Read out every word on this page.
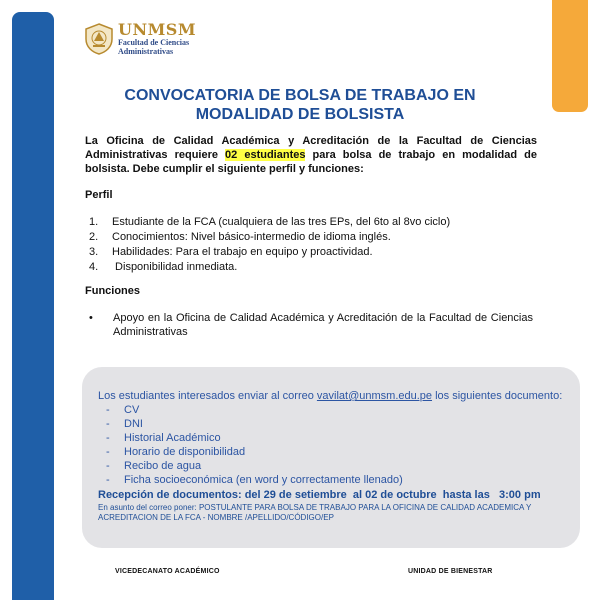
UNMSM
Facultad de Ciencias
Administrativas
CONVOCATORIA DE BOLSA DE TRABAJO EN
MODALIDAD DE BOLSISTA
La Oficina de Calidad Académica y Acreditación de la Facultad de Ciencias Administrativas requiere 02 estudiantes para bolsa de trabajo en modalidad de bolsista. Debe cumplir el siguiente perfil y funciones:
Perfil
1.	Estudiante de la FCA (cualquiera de las tres EPs, del 6to al 8vo ciclo)
2.	Conocimientos: Nivel básico-intermedio de idioma inglés.
3.	Habilidades: Para el trabajo en equipo y proactividad.
4.	Disponibilidad inmediata.
Funciones
•	Apoyo en la Oficina de Calidad Académica y Acreditación de la Facultad de Ciencias Administrativas
Los estudiantes interesados enviar al correo vavilat@unmsm.edu.pe los siguientes documento:
-	CV
-	DNI
-	Historial Académico
-	Horario de disponibilidad
-	Recibo de agua
-	Ficha socioeconómica (en word y correctamente llenado)
Recepción de documentos: del 29 de setiembre  al 02 de octubre  hasta las   3:00 pm
En asunto del correo poner: POSTULANTE PARA BOLSA DE TRABAJO PARA LA OFICINA DE CALIDAD ACADEMICA Y ACREDITACION DE LA FCA - NOMBRE /APELLIDO/CÓDIGO/EP
VICEDECANATO ACADÉMICO	UNIDAD DE BIENESTAR
